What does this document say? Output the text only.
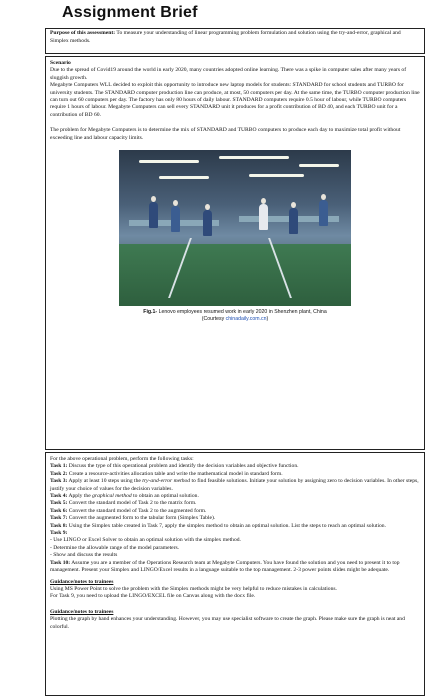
Assignment Brief
Purpose of this assessment: To measure your understanding of linear programming problem formulation and solution using the try-and-error, graphical and Simplex methods.

Scenario

Due to the spread of Covid19 around the world in early 2020, many countries adopted online learning. There was a spike in computer sales after many years of sluggish growth.

Megabyte Computers WLL decided to exploit this opportunity to introduce new laptop models for students: STANDARD for school students and TURBO for university students. The STANDARD computer production line can produce, at most, 50 computers per day. At the same time, the TURBO computer production line can turn out 60 computers per day. The factory has only 80 hours of daily labour. STANDARD computers require 0.5 hour of labour, while TURBO computers require 1 hours of labour. Megabyte Computers can sell every STANDARD unit it produces for a profit contribution of BD 40, and each TURBO unit for a contribution of BD 60.

The problem for Megabyte Computers is to determine the mix of STANDARD and TURBO computers to produce each day to maximize total profit without exceeding line and labour capacity limits.

Fig.1- Lenovo employees resumed work in early 2020 in Shenzhen plant, China

(Courtesy chinadaily.com.cn)

For the above operational problem, perform the following tasks:

Task 1: Discuss the type of this operational problem and identify the decision variables and objective function.

Task 2: Create a resource-activities allocation table and write the mathematical model in standard form.

Task 3: Apply at least 10 steps using the try-and-error method to find feasible solutions. Initiate your solution by assigning zero to decision variables. In other steps, justify your choice of values for the decision variables.

Task 4: Apply the graphical method to obtain an optimal solution.

Task 5: Convert the standard model of Task 2 to the matrix form.

Task 6: Convert the standard model of Task 2 to the augmented form.

Task 7: Convert the augmented form to the tabular form (Simplex Table).

Task 8: Using the Simplex table created in Task 7, apply the simplex method to obtain an optimal solution. List the steps to reach an optimal solution.

Task 9:

- Use LINGO or Excel Solver to obtain an optimal solution with the simplex method.

- Determine the allowable range of the model parameters.

- Show and discuss the results

Task 10: Assume you are a member of the Operations Research team at Megabyte Computers. You have found the solution and you need to present it to top management. Present your Simplex and LINGO/Excel results in a language suitable to the top management. 2-3 power points slides might be adequate.

Guidance/notes to trainees

Using MS Power Point to solve the problem with the Simplex methods might be very helpful to reduce mistakes in calculations.

For Task 9, you need to upload the LINGO/EXCEL file on Canvas along with the docx file.

Guidance/notes to trainees

Plotting the graph by hand enhances your understanding. However, you may use specialist software to create the graph. Please make sure the graph is neat and colorful.
